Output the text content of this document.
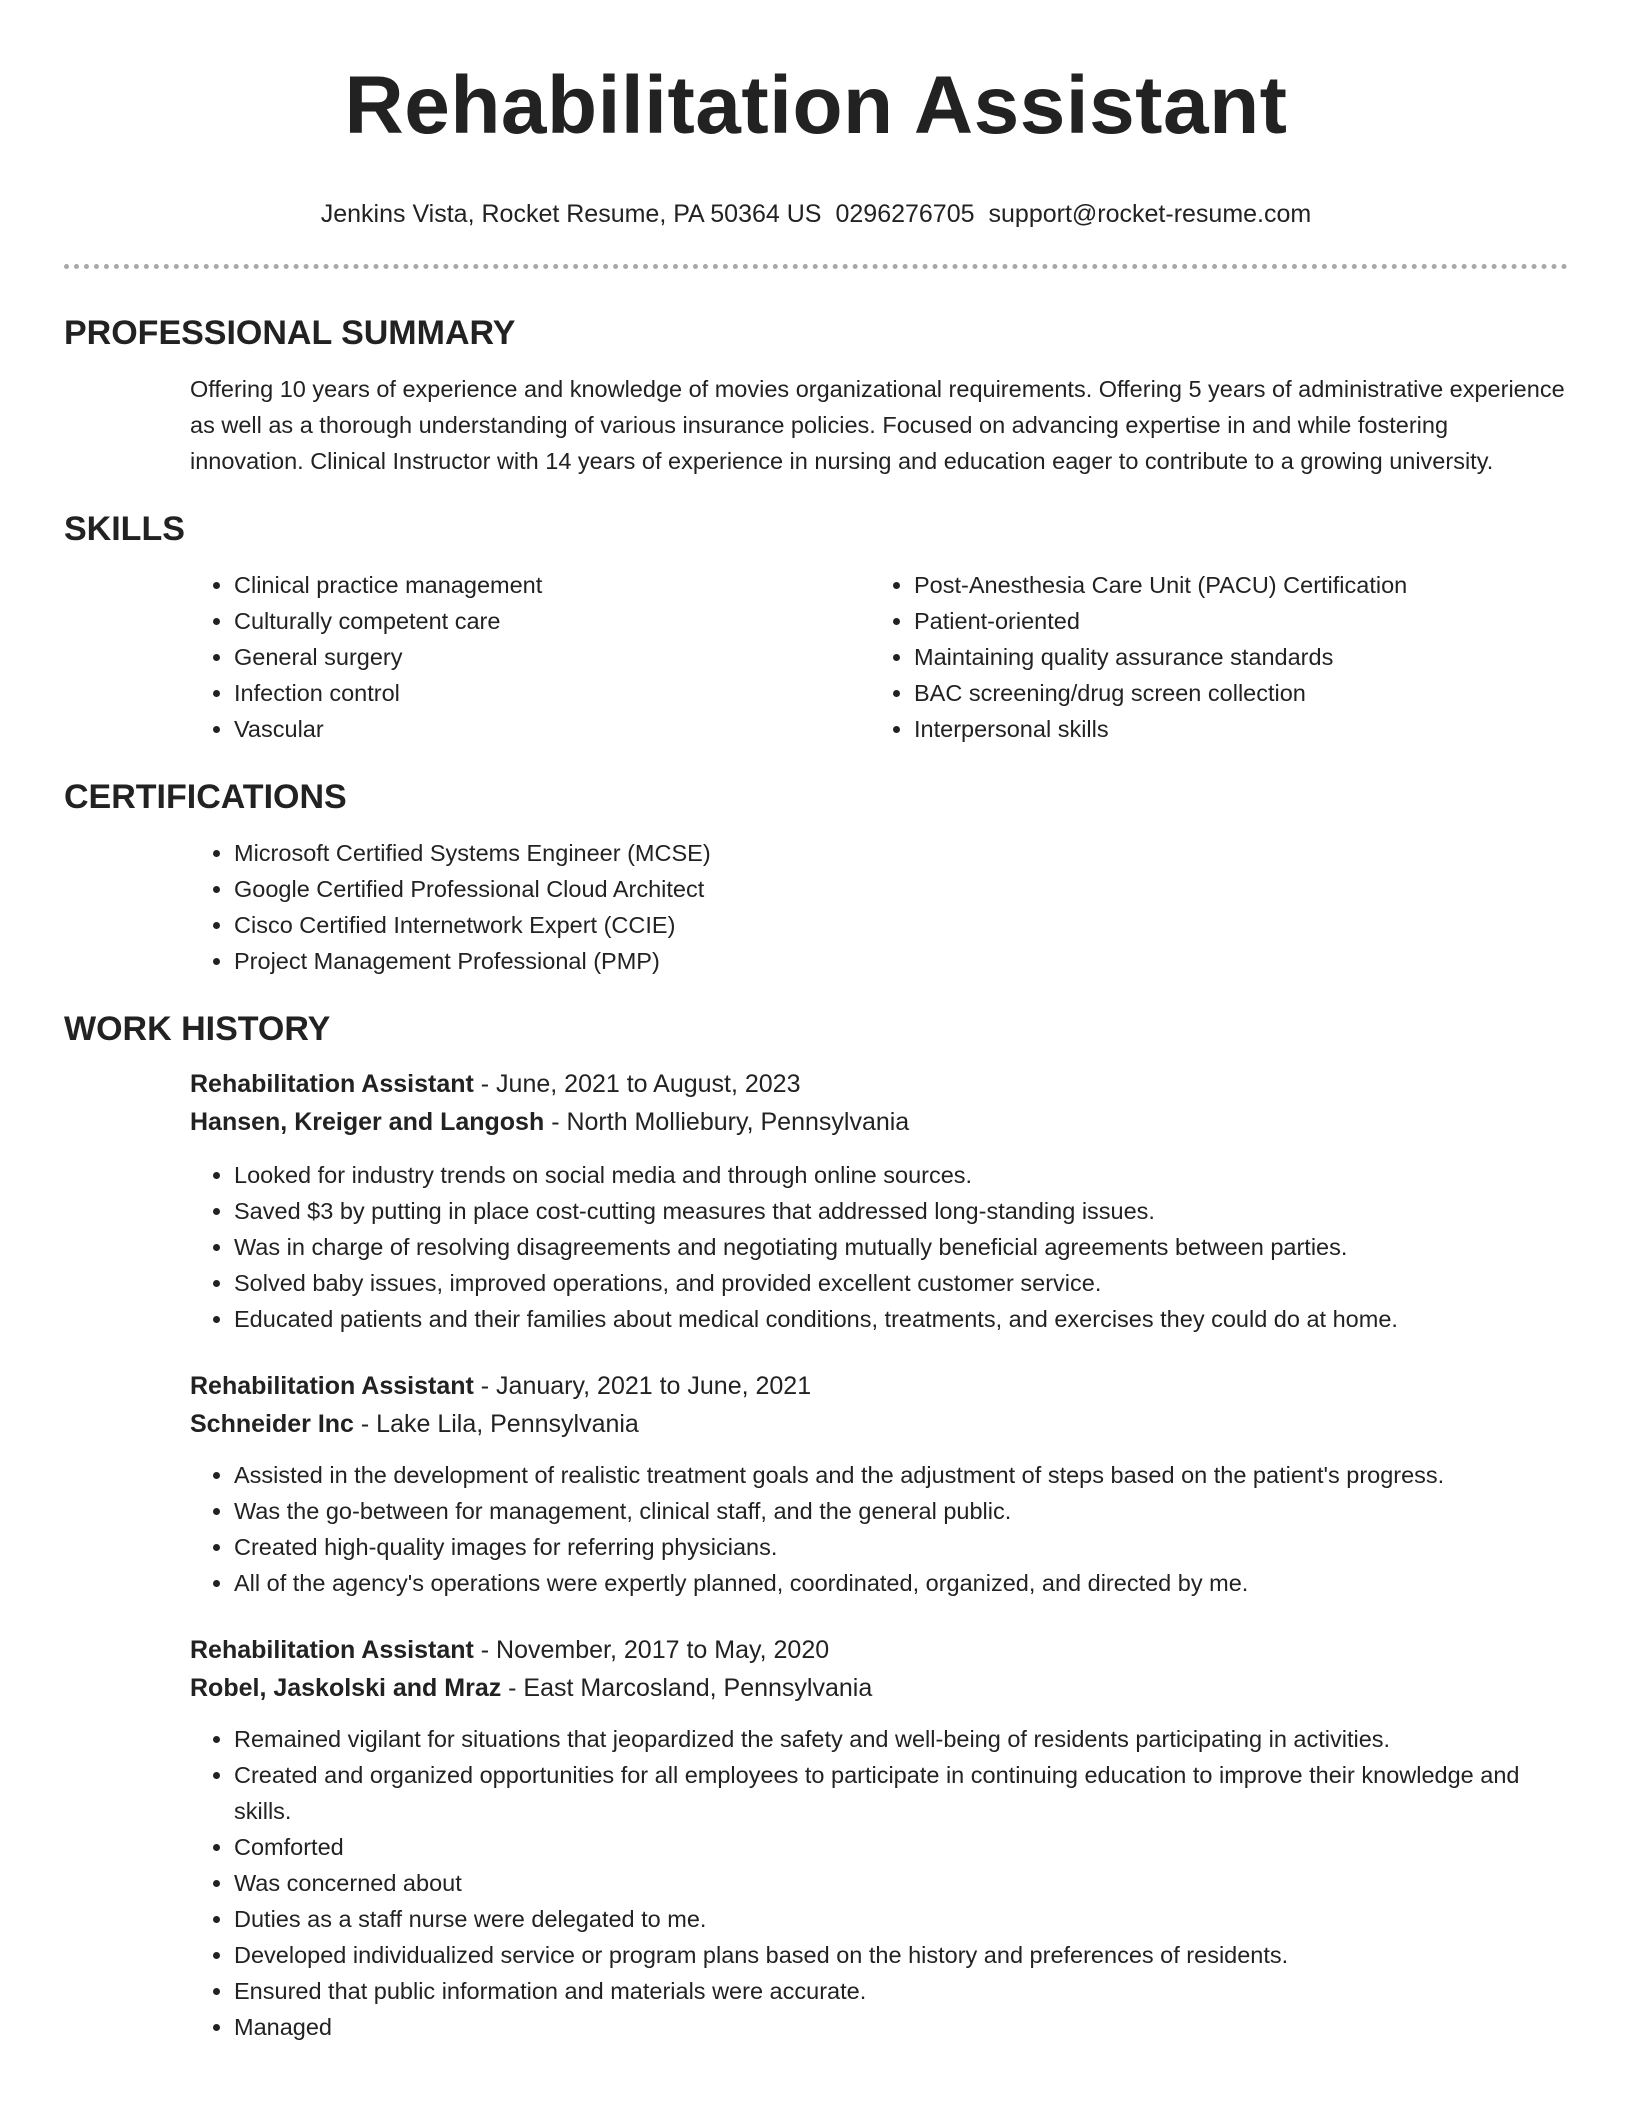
Rehabilitation Assistant
Jenkins Vista, Rocket Resume, PA 50364 US 0296276705 support@rocket-resume.com
PROFESSIONAL SUMMARY

Offering 10 years of experience and knowledge of movies organizational requirements. Offering 5 years of administrative experience as well as a thorough understanding of various insurance policies. Focused on advancing expertise in and while fostering innovation. Clinical Instructor with 14 years of experience in nursing and education eager to contribute to a growing university.

SKILLS
• Clinical practice management
• Culturally competent care
• General surgery
• Infection control
• Vascular
• Post-Anesthesia Care Unit (PACU) Certification
• Patient-oriented
• Maintaining quality assurance standards
• BAC screening/drug screen collection
• Interpersonal skills
CERTIFICATIONS
• Microsoft Certified Systems Engineer (MCSE)
• Google Certified Professional Cloud Architect
• Cisco Certified Internetwork Expert (CCIE)
• Project Management Professional (PMP)
WORK HISTORY
Rehabilitation Assistant - June, 2021 to August, 2023
Hansen, Kreiger and Langosh - North Molliebury, Pennsylvania
• Looked for industry trends on social media and through online sources.
• Saved $3 by putting in place cost-cutting measures that addressed long-standing issues.
• Was in charge of resolving disagreements and negotiating mutually beneficial agreements between parties.
• Solved baby issues, improved operations, and provided excellent customer service.
• Educated patients and their families about medical conditions, treatments, and exercises they could do at home.
Rehabilitation Assistant - January, 2021 to June, 2021
Schneider Inc - Lake Lila, Pennsylvania
• Assisted in the development of realistic treatment goals and the adjustment of steps based on the patient's progress.
• Was the go-between for management, clinical staff, and the general public.
• Created high-quality images for referring physicians.
• All of the agency's operations were expertly planned, coordinated, organized, and directed by me.
Rehabilitation Assistant - November, 2017 to May, 2020
Robel, Jaskolski and Mraz - East Marcosland, Pennsylvania
• Remained vigilant for situations that jeopardized the safety and well-being of residents participating in activities.
• Created and organized opportunities for all employees to participate in continuing education to improve their knowledge and skills.
• Comforted
• Was concerned about
• Duties as a staff nurse were delegated to me.
• Developed individualized service or program plans based on the history and preferences of residents.
• Ensured that public information and materials were accurate.
• Managed
